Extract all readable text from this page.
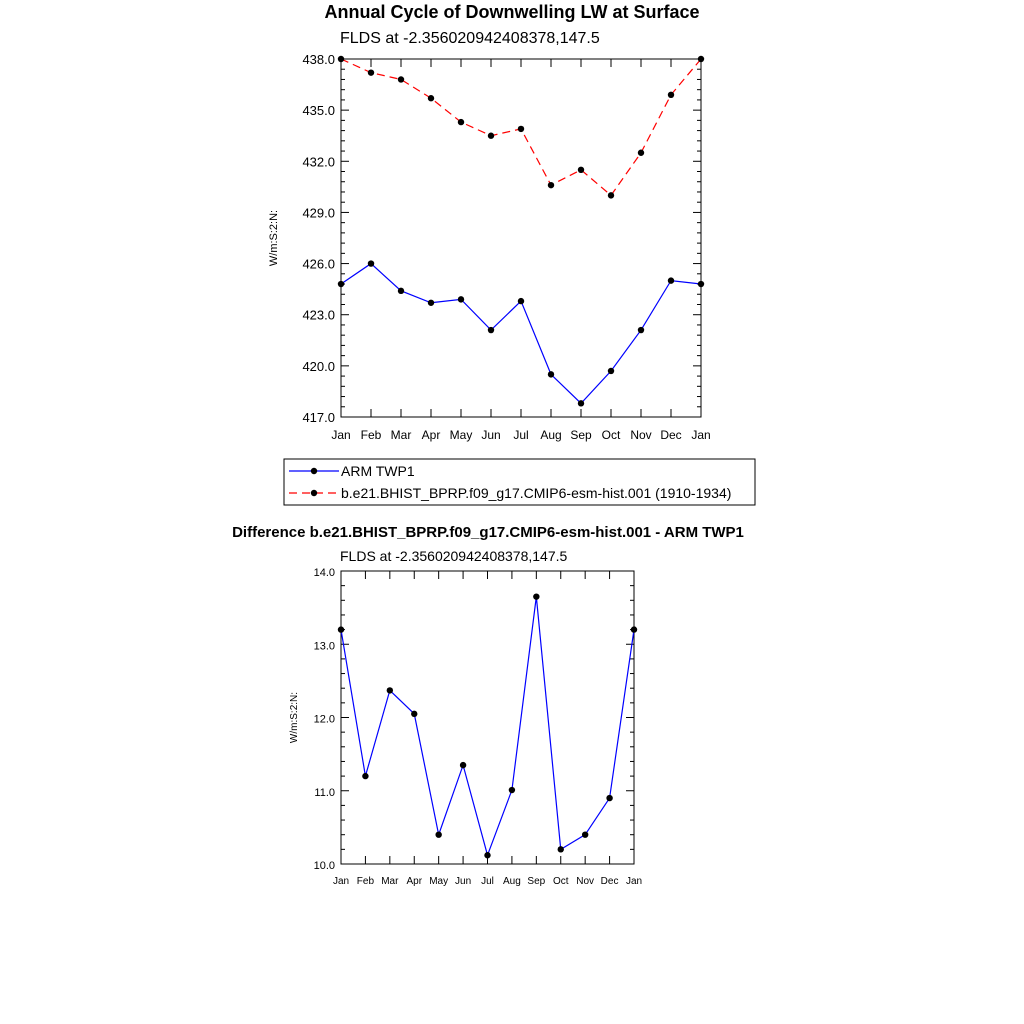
Annual Cycle of Downwelling LW at Surface
FLDS at -2.356020942408378,147.5
Difference b.e21.BHIST_BPRP.f09_g17.CMIP6-esm-hist.001 - ARM TWP1
FLDS at -2.356020942408378,147.5
417.0
420.0
423.0
426.0
429.0
432.0
435.0
438.0
Jan Feb Mar Apr May Jun Jul Aug Sep Oct Nov Dec Jan
W/m:S:2:N:
ARM TWP1
b.e21.BHIST_BPRP.f09_g17.CMIP6-esm-hist.001 (1910-1934)
10.0
11.0
12.0
13.0
14.0
Jan Feb Mar Apr May Jun Jul Aug Sep Oct Nov Dec Jan
W/m:S:2:N:
